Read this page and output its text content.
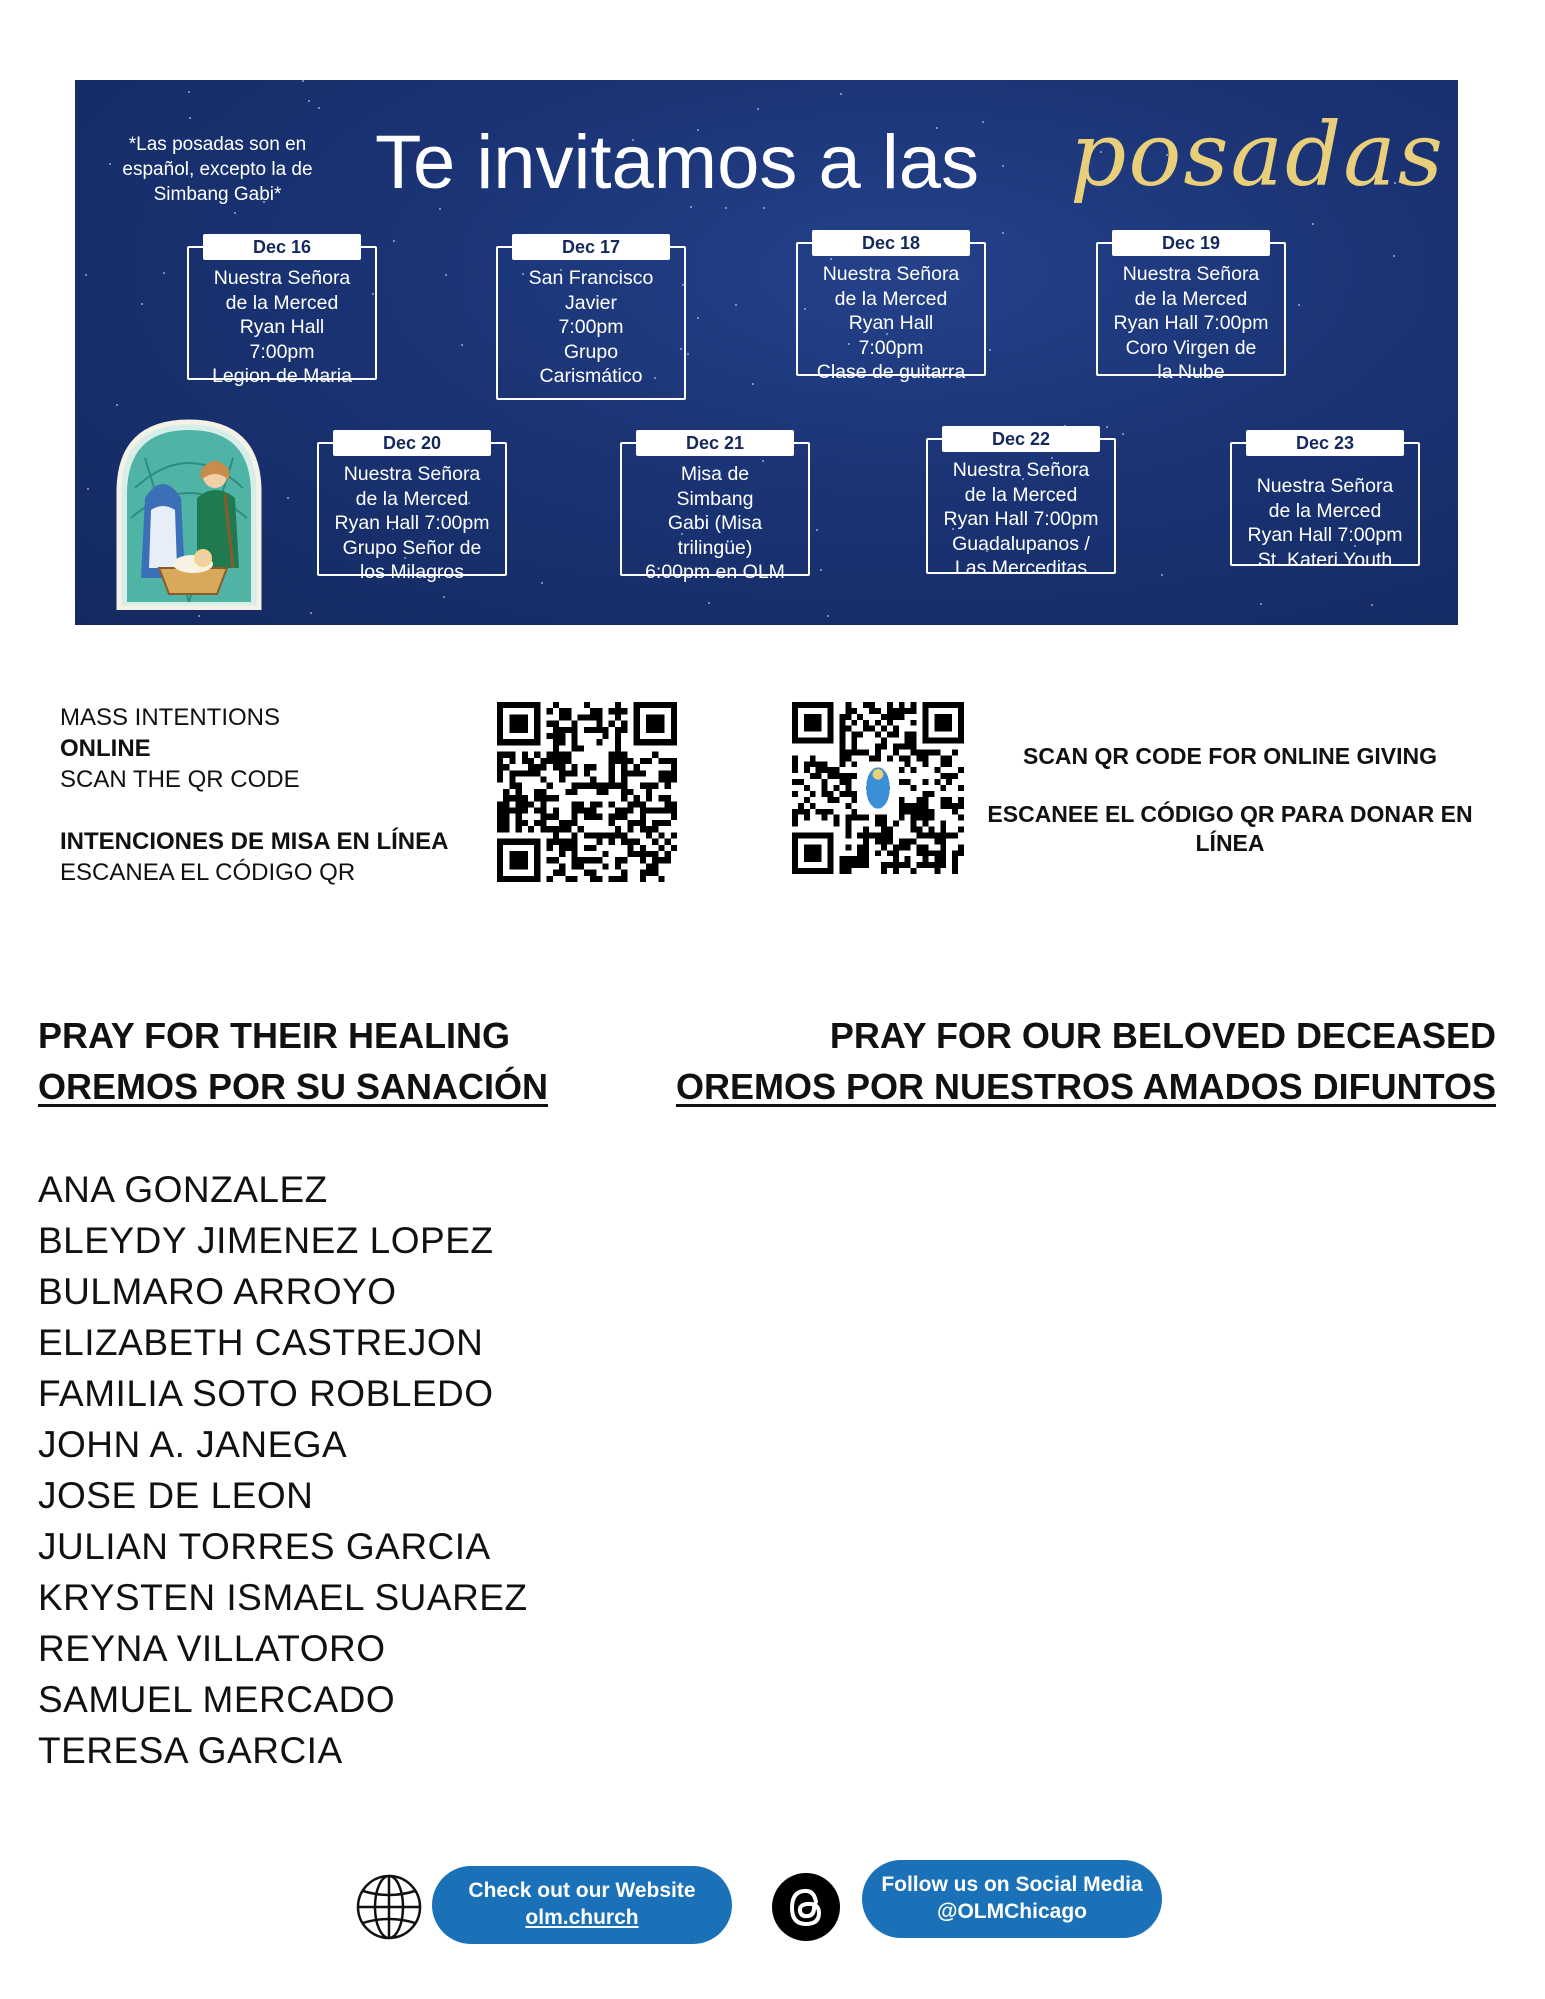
*Las posadas son en español, excepto la de Simbang Gabi*	Te invitamos a las posadas
Dec 16
Nuestra Señora
de la Merced
Ryan Hall
7:00pm
Legion de Maria
Dec 17
San Francisco
Javier
7:00pm
Grupo
Carismático
Dec 18
Nuestra Señora
de la Merced
Ryan Hall
7:00pm
Clase de guitarra
Dec 19
Nuestra Señora
de la Merced
Ryan Hall 7:00pm
Coro Virgen de
la Nube
Dec 20
Nuestra Señora
de la Merced
Ryan Hall 7:00pm
Grupo Señor de
los Milagros
Dec 21
Misa de
Simbang
Gabi (Misa
trilingüe)
6:00pm en OLM
Dec 22
Nuestra Señora
de la Merced
Ryan Hall 7:00pm
Guadalupanos /
Las Merceditas
Dec 23
Nuestra Señora
de la Merced
Ryan Hall 7:00pm
St. Kateri Youth
MASS INTENTIONS
ONLINE
SCAN THE QR CODE
INTENCIONES DE MISA EN LÍNEA
ESCANEA EL CÓDIGO QR

SCAN QR CODE FOR ONLINE GIVING

ESCANEE EL CÓDIGO QR PARA DONAR EN LÍNEA

PRAY FOR THEIR HEALING
OREMOS POR SU SANACIÓN
PRAY FOR OUR BELOVED DECEASED
OREMOS POR NUESTROS AMADOS DIFUNTOS
ANA GONZALEZ
BLEYDY JIMENEZ LOPEZ
BULMARO ARROYO
ELIZABETH CASTREJON
FAMILIA SOTO ROBLEDO
JOHN A. JANEGA
JOSE DE LEON
JULIAN TORRES GARCIA
KRYSTEN ISMAEL SUAREZ
REYNA VILLATORO
SAMUEL MERCADO
TERESA GARCIA
Check out our Website
olm.church
Follow us on Social Media
@OLMChicago
